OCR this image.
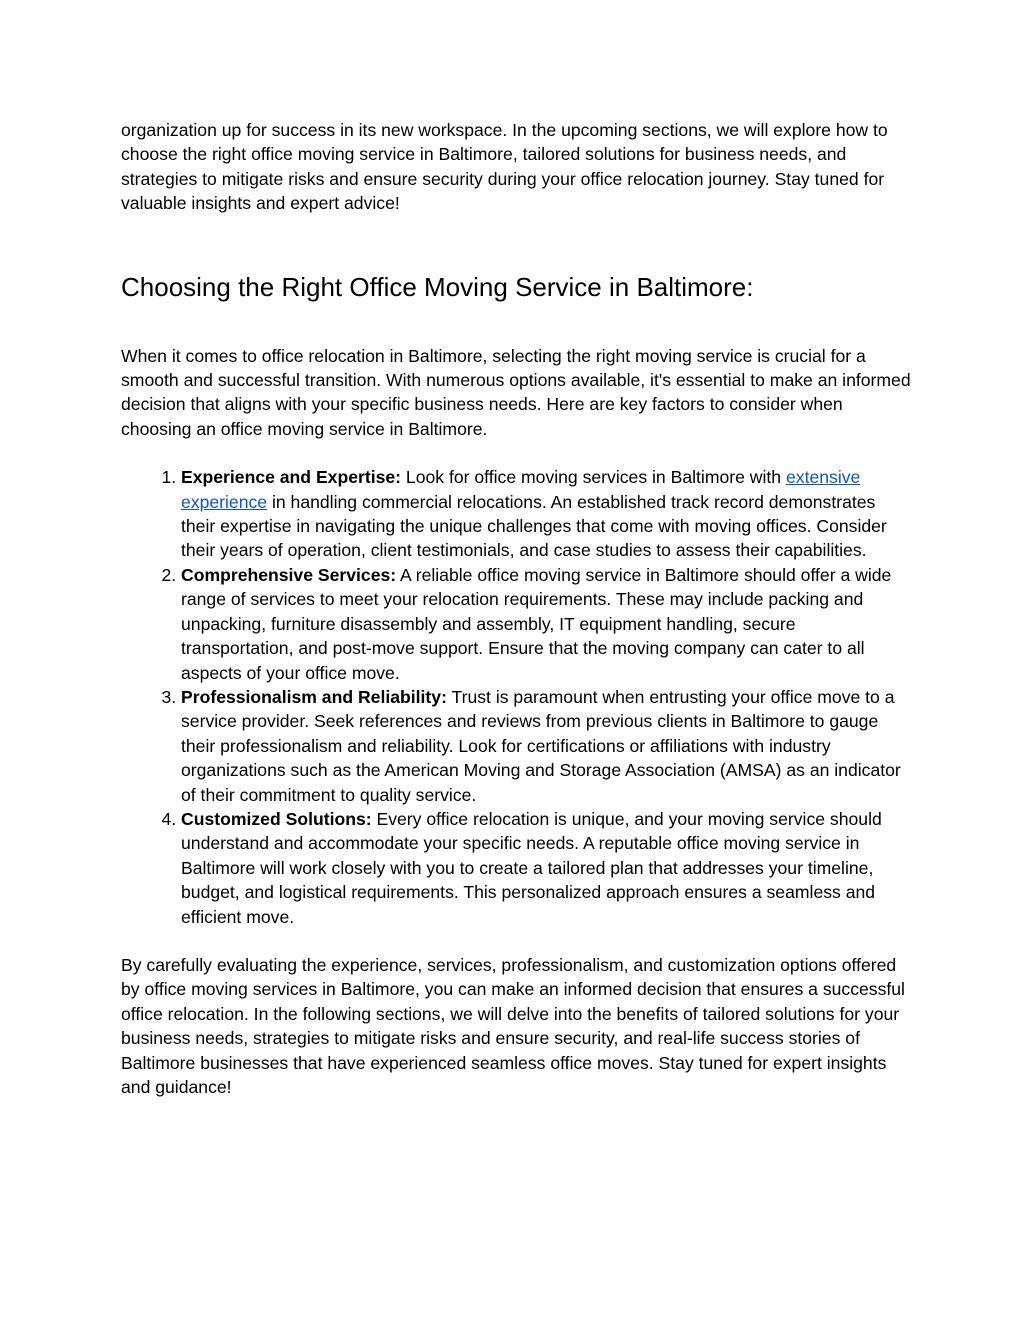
organization up for success in its new workspace. In the upcoming sections, we will explore how to choose the right office moving service in Baltimore, tailored solutions for business needs, and strategies to mitigate risks and ensure security during your office relocation journey. Stay tuned for valuable insights and expert advice!

Choosing the Right Office Moving Service in Baltimore:

When it comes to office relocation in Baltimore, selecting the right moving service is crucial for a smooth and successful transition. With numerous options available, it's essential to make an informed decision that aligns with your specific business needs. Here are key factors to consider when choosing an office moving service in Baltimore.

1. Experience and Expertise: Look for office moving services in Baltimore with extensive experience in handling commercial relocations. An established track record demonstrates their expertise in navigating the unique challenges that come with moving offices. Consider their years of operation, client testimonials, and case studies to assess their capabilities.
2. Comprehensive Services: A reliable office moving service in Baltimore should offer a wide range of services to meet your relocation requirements. These may include packing and unpacking, furniture disassembly and assembly, IT equipment handling, secure transportation, and post-move support. Ensure that the moving company can cater to all aspects of your office move.
3. Professionalism and Reliability: Trust is paramount when entrusting your office move to a service provider. Seek references and reviews from previous clients in Baltimore to gauge their professionalism and reliability. Look for certifications or affiliations with industry organizations such as the American Moving and Storage Association (AMSA) as an indicator of their commitment to quality service.
4. Customized Solutions: Every office relocation is unique, and your moving service should understand and accommodate your specific needs. A reputable office moving service in Baltimore will work closely with you to create a tailored plan that addresses your timeline, budget, and logistical requirements. This personalized approach ensures a seamless and efficient move.

By carefully evaluating the experience, services, professionalism, and customization options offered by office moving services in Baltimore, you can make an informed decision that ensures a successful office relocation. In the following sections, we will delve into the benefits of tailored solutions for your business needs, strategies to mitigate risks and ensure security, and real-life success stories of Baltimore businesses that have experienced seamless office moves. Stay tuned for expert insights and guidance!
